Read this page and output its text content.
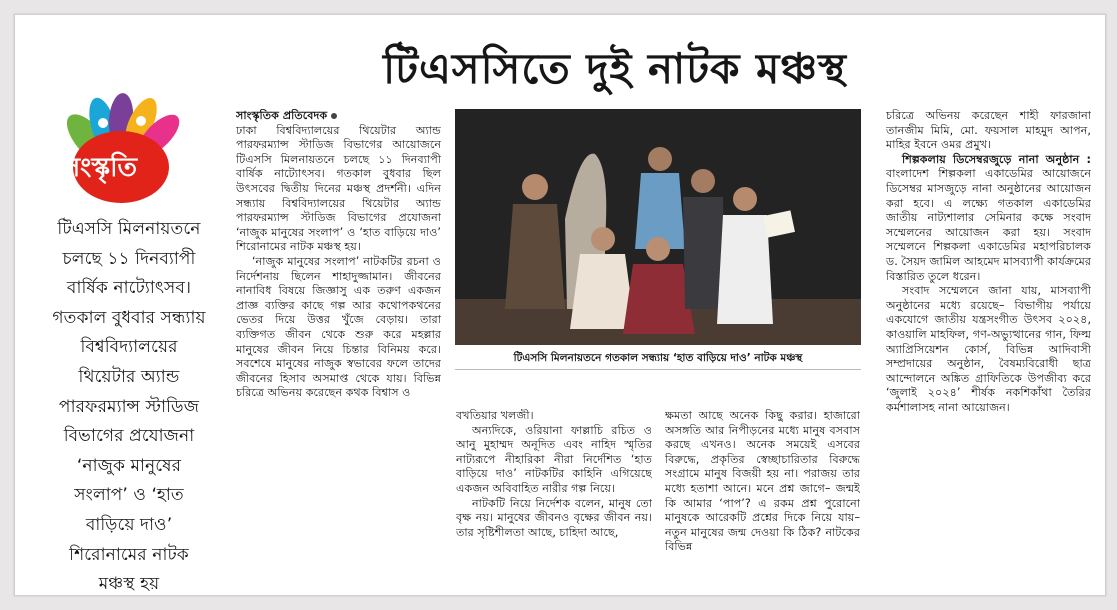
সংস্কৃতি

টিএসসি মিলনায়তনে

চলছে ১১ দিনব্যাপী

বার্ষিক নাট্যোৎসব।

গতকাল বুধবার সন্ধ্যায়

বিশ্ববিদ্যালয়ের

থিয়েটার অ্যান্ড

পারফরম্যান্স স্টাডিজ

বিভাগের প্রযোজনা

‘নাজুক মানুষের

সংলাপ’ ও ‘হাত

বাড়িয়ে দাও’

শিরোনামের নাটক

মঞ্চস্থ হয়

টিএসসিতে দুই নাটক মঞ্চস্থ

সাংস্কৃতিক প্রতিবেদক

ঢাকা বিশ্ববিদ্যালয়ের থিয়েটার অ্যান্ড পারফরম্যান্স স্টাডিজ বিভাগের আয়োজনে টিএসসি মিলনায়তনে চলছে ১১ দিনব্যাপী বার্ষিক নাট্যোৎসব। গতকাল বুধবার ছিল উৎসবের দ্বিতীয় দিনের মঞ্চস্থ প্রদর্শনী। এদিন সন্ধ্যায় বিশ্ববিদ্যালয়ের থিয়েটার অ্যান্ড পারফরম্যান্স স্টাডিজ বিভাগের প্রযোজনা ‘নাজুক মানুষের সংলাপ’ ও ‘হাত বাড়িয়ে দাও’ শিরোনামের নাটক মঞ্চস্থ হয়।

‘নাজুক মানুষের সংলাপ’ নাটকটির রচনা ও নির্দেশনায় ছিলেন শাহাদুজ্জামান। জীবনের নানাবিধ বিষয়ে জিজ্ঞাসু এক তরুণ একজন প্রাজ্ঞ ব্যক্তির কাছে গল্প আর কথোপকথনের ভেতর দিয়ে উত্তর খুঁজে বেড়ায়। তারা ব্যক্তিগত জীবন থেকে শুরু করে মহল্লার মানুষের জীবন নিয়ে চিন্তার বিনিময় করে। সবশেষে মানুষের নাজুক স্বভাবের ফলে তাদের জীবনের হিসাব অসমাপ্ত থেকে যায়। বিভিন্ন চরিত্রে অভিনয় করেছেন কথক বিশ্বাস ও

টিএসসি মিলনায়তনে গতকাল সন্ধ্যায় ‘হাত বাড়িয়ে দাও’ নাটক মঞ্চস্থ

বখতিয়ার খলজী।

অন্যদিকে, ওরিয়ানা ফাল্লাচি রচিত ও আনু মুহাম্মদ অনূদিত এবং নাহিদ স্মৃতির নাট্যরূপে নীহারিকা নীরা নির্দেশিত ‘হাত বাড়িয়ে দাও’ নাটকটির কাহিনি এগিয়েছে একজন অবিবাহিত নারীর গল্প নিয়ে।

নাটকটি নিয়ে নির্দেশক বলেন, মানুষ তো বৃক্ষ নয়। মানুষের জীবনও বৃক্ষের জীবন নয়। তার সৃষ্টিশীলতা আছে, চাহিদা আছে,

ক্ষমতা আছে অনেক কিছু করার। হাজারো অসঙ্গতি আর নিপীড়নের মধ্যে মানুষ বসবাস করছে এখনও। অনেক সময়েই এসবের বিরুদ্ধে, প্রকৃতির স্বেচ্ছাচারিতার বিরুদ্ধে সংগ্রামে মানুষ বিজয়ী হয় না। পরাজয় তার মধ্যে হতাশা আনে। মনে প্রশ্ন জাগে– জন্মই কি আমার ‘পাপ’? এ রকম প্রশ্ন পুরোনো মানুষকে আরেকটি প্রশ্নের দিকে নিয়ে যায়– নতুন মানুষের জন্ম দেওয়া কি ঠিক? নাটকের বিভিন্ন

চরিত্রে অভিনয় করেছেন শাহী ফারজানা তানজীম মিমি, মো. ফয়সাল মাহমুদ আপন, মাহির ইবনে ওমর প্রমুখ।

শিল্পকলায় ডিসেম্বরজুড়ে নানা অনুষ্ঠান : বাংলাদেশ শিল্পকলা একাডেমির আয়োজনে ডিসেম্বর মাসজুড়ে নানা অনুষ্ঠানের আয়োজন করা হবে। এ লক্ষ্যে গতকাল একাডেমির জাতীয় নাট্যশালার সেমিনার কক্ষে সংবাদ সম্মেলনের আয়োজন করা হয়। সংবাদ সম্মেলনে শিল্পকলা একাডেমির মহাপরিচালক ড. সৈয়দ জামিল আহমেদ মাসব্যাপী কার্যক্রমের বিস্তারিত তুলে ধরেন।

সংবাদ সম্মেলনে জানা যায়, মাসব্যাপী অনুষ্ঠানের মধ্যে রয়েছে– বিভাগীয় পর্যায়ে একযোগে জাতীয় যন্ত্রসংগীত উৎসব ২০২৪, কাওয়ালি মাহফিল, গণ-অভ্যুত্থানের গান, ফিল্ম অ্যাপ্রিসিয়েশন কোর্স, বিভিন্ন আদিবাসী সম্প্রদায়ের অনুষ্ঠান, বৈষম্যবিরোধী ছাত্র আন্দোলনে অঙ্কিত গ্রাফিতিকে উপজীব্য করে ‘জুলাই ২০২৪’ শীর্ষক নকশিকাঁথা তৈরির কর্মশালাসহ নানা আয়োজন।
